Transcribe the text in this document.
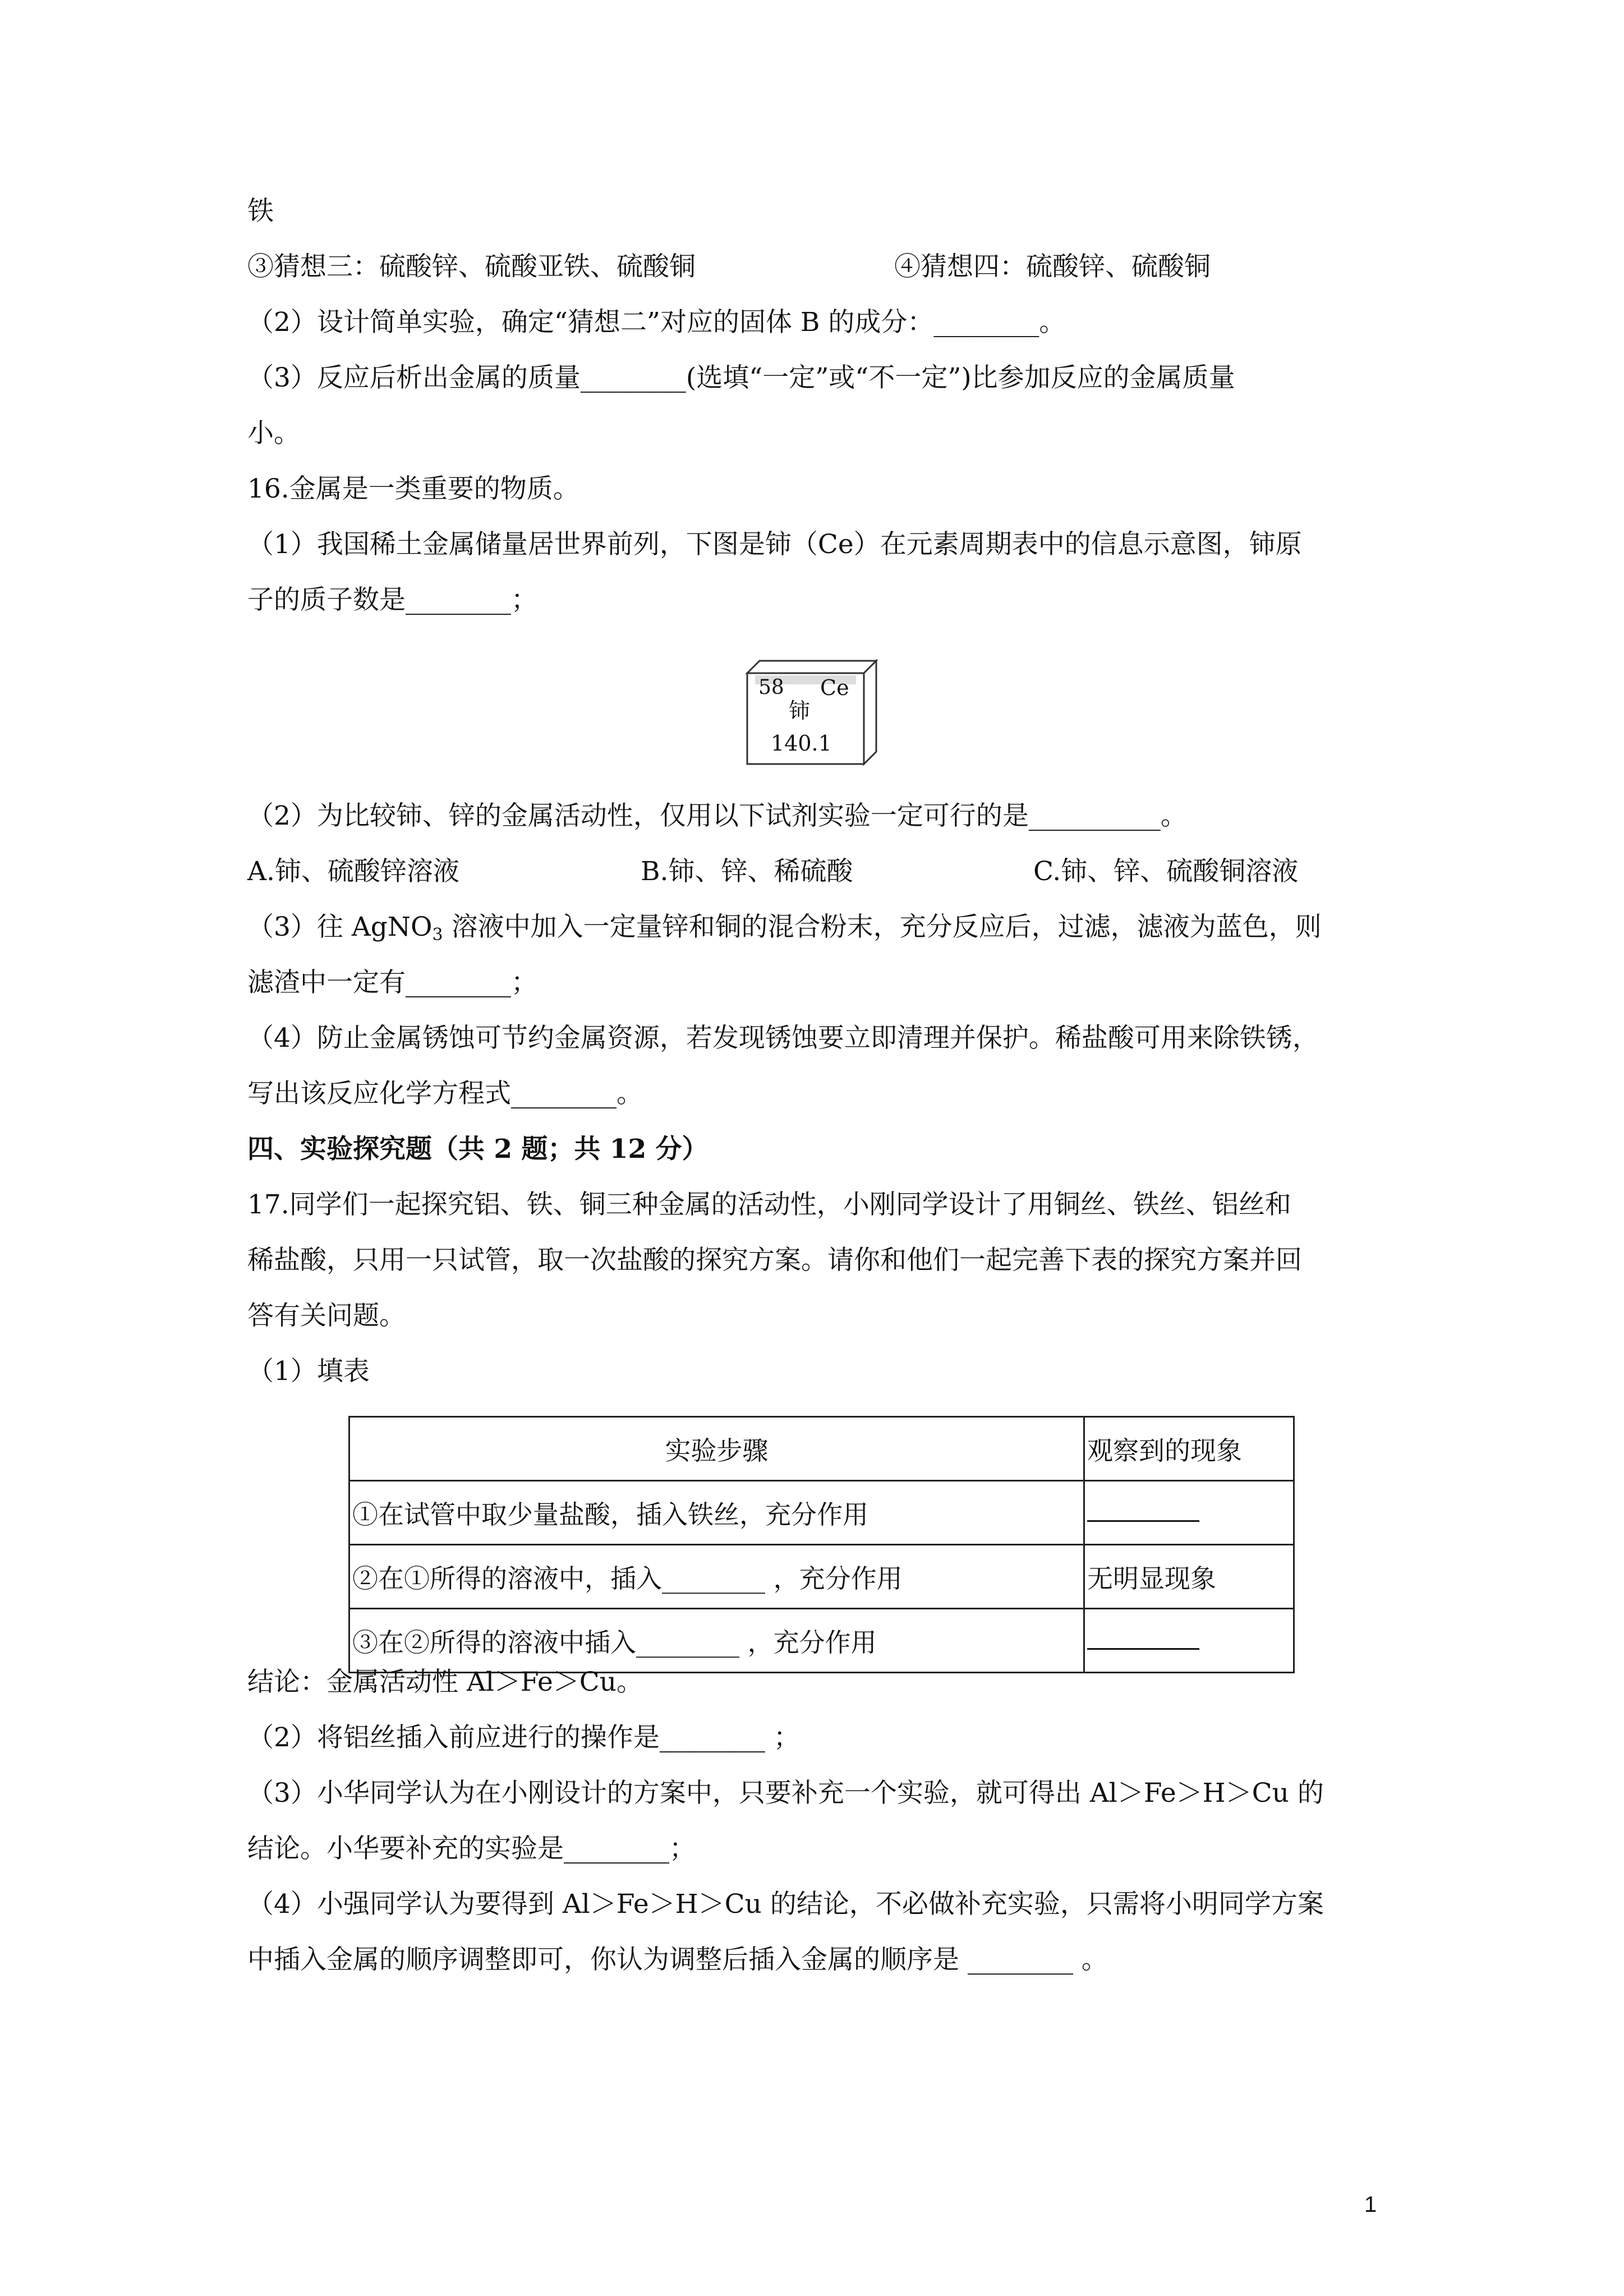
铁
③猜想三：硫酸锌、硫酸亚铁、硫酸铜	④猜想四：硫酸锌、硫酸铜
（2）设计简单实验，确定“猜想二”对应的固体 B 的成分：________。
（3）反应后析出金属的质量________(选填“一定”或“不一定”)比参加反应的金属质量
小。
16.金属是一类重要的物质。
（1）我国稀土金属储量居世界前列，下图是铈（Ce）在元素周期表中的信息示意图，铈原
子的质子数是________；
58 Ce
铈
140.1
（2）为比较铈、锌的金属活动性，仅用以下试剂实验一定可行的是__________。
A.铈、硫酸锌溶液	B.铈、锌、稀硫酸	C.铈、锌、硫酸铜溶液
（3）往 AgNO$_3$ 溶液中加入一定量锌和铜的混合粉末，充分反应后，过滤，滤液为蓝色，则
滤渣中一定有________；
（4）防止金属锈蚀可节约金属资源，若发现锈蚀要立即清理并保护。稀盐酸可用来除铁锈，
写出该反应化学方程式________。
四、实验探究题（共 2 题；共 12 分）
17.同学们一起探究铝、铁、铜三种金属的活动性，小刚同学设计了用铜丝、铁丝、铝丝和
稀盐酸，只用一只试管，取一次盐酸的探究方案。请你和他们一起完善下表的探究方案并回
答有关问题。
（1）填表
实验步骤	观察到的现象
①在试管中取少量盐酸，插入铁丝，充分作用	
②在①所得的溶液中，插入________ ，充分作用	无明显现象
③在②所得的溶液中插入________ ，充分作用	
结论：金属活动性 Al＞Fe＞Cu。
（2）将铝丝插入前应进行的操作是________ ；
（3）小华同学认为在小刚设计的方案中，只要补充一个实验，就可得出 Al＞Fe＞H＞Cu 的
结论。小华要补充的实验是________；
（4）小强同学认为要得到 Al＞Fe＞H＞Cu 的结论，不必做补充实验，只需将小明同学方案
中插入金属的顺序调整即可，你认为调整后插入金属的顺序是 ________ 。
1
